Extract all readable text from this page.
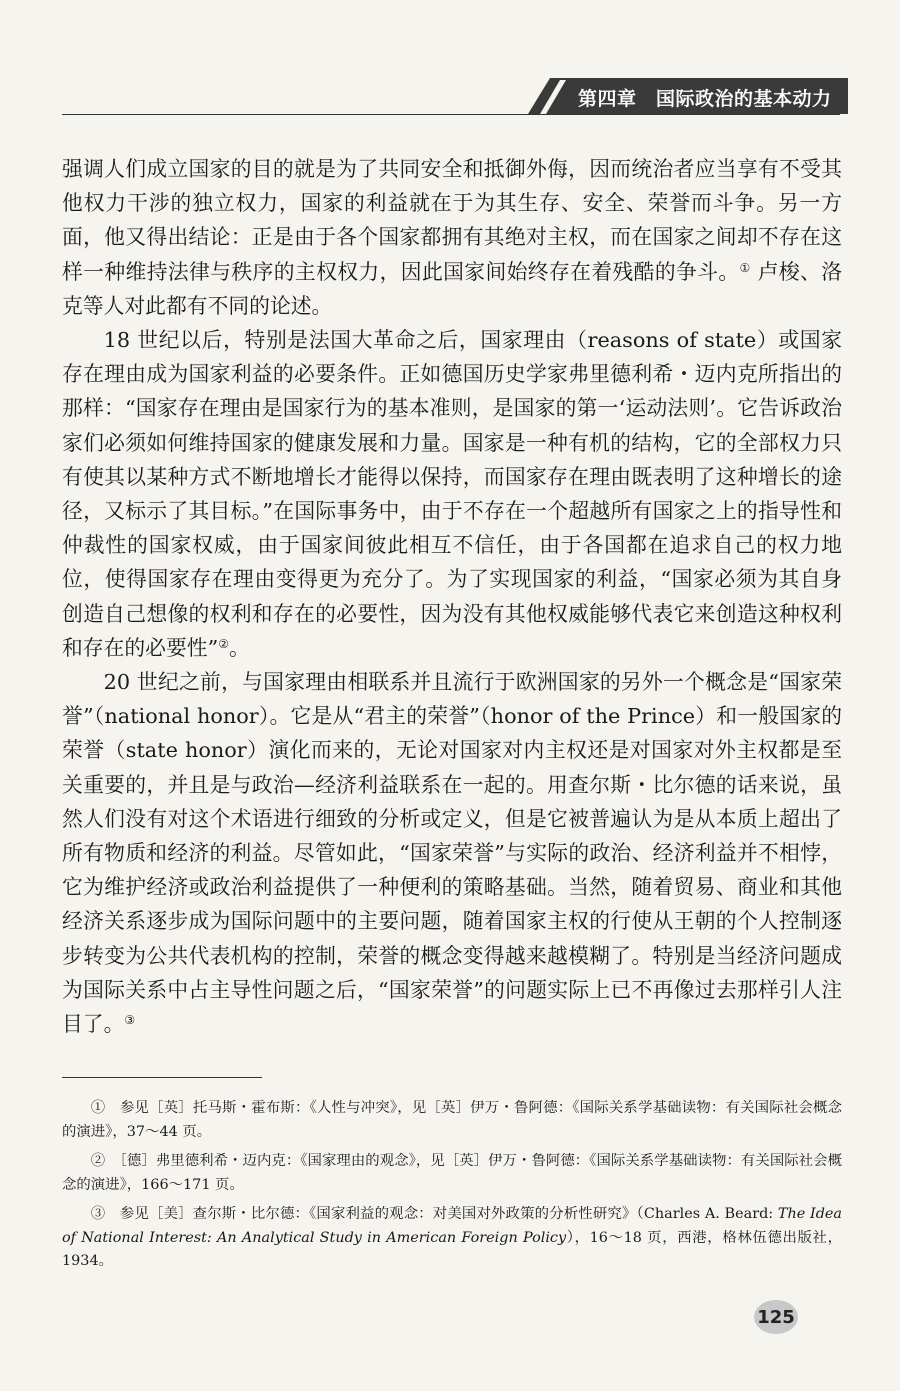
第四章　国际政治的基本动力

强调人们成立国家的目的就是为了共同安全和抵御外侮，因而统治者应当享有不受其他权力干涉的独立权力，国家的利益就在于为其生存、安全、荣誉而斗争。另一方面，他又得出结论：正是由于各个国家都拥有其绝对主权，而在国家之间却不存在这样一种维持法律与秩序的主权权力，因此国家间始终存在着残酷的争斗。① 卢梭、洛克等人对此都有不同的论述。

18 世纪以后，特别是法国大革命之后，国家理由（reasons of state）或国家存在理由成为国家利益的必要条件。正如德国历史学家弗里德利希・迈内克所指出的那样：“国家存在理由是国家行为的基本准则，是国家的第一‘运动法则’。它告诉政治家们必须如何维持国家的健康发展和力量。国家是一种有机的结构，它的全部权力只有使其以某种方式不断地增长才能得以保持，而国家存在理由既表明了这种增长的途径，又标示了其目标。”在国际事务中，由于不存在一个超越所有国家之上的指导性和仲裁性的国家权威，由于国家间彼此相互不信任，由于各国都在追求自己的权力地位，使得国家存在理由变得更为充分了。为了实现国家的利益，“国家必须为其自身创造自己想像的权利和存在的必要性，因为没有其他权威能够代表它来创造这种权利和存在的必要性”②。

20 世纪之前，与国家理由相联系并且流行于欧洲国家的另外一个概念是“国家荣誉”（national honor）。它是从“君主的荣誉”（honor of the Prince）和一般国家的荣誉（state honor）演化而来的，无论对国家对内主权还是对国家对外主权都是至关重要的，并且是与政治—经济利益联系在一起的。用查尔斯・比尔德的话来说，虽然人们没有对这个术语进行细致的分析或定义，但是它被普遍认为是从本质上超出了所有物质和经济的利益。尽管如此，“国家荣誉”与实际的政治、经济利益并不相悖，它为维护经济或政治利益提供了一种便利的策略基础。当然，随着贸易、商业和其他经济关系逐步成为国际问题中的主要问题，随着国家主权的行使从王朝的个人控制逐步转变为公共代表机构的控制，荣誉的概念变得越来越模糊了。特别是当经济问题成为国际关系中占主导性问题之后，“国家荣誉”的问题实际上已不再像过去那样引人注目了。③

①　参见［英］托马斯・霍布斯：《人性与冲突》，见［英］伊万・鲁阿德：《国际关系学基础读物：有关国际社会概念的演进》，37～44 页。

②　［德］弗里德利希・迈内克：《国家理由的观念》，见［英］伊万・鲁阿德：《国际关系学基础读物：有关国际社会概念的演进》，166～171 页。

③　参见［美］查尔斯・比尔德：《国家利益的观念：对美国对外政策的分析性研究》（Charles A. Beard: The Idea of National Interest: An Analytical Study in American Foreign Policy），16～18 页，西港，格林伍德出版社，1934。

125
